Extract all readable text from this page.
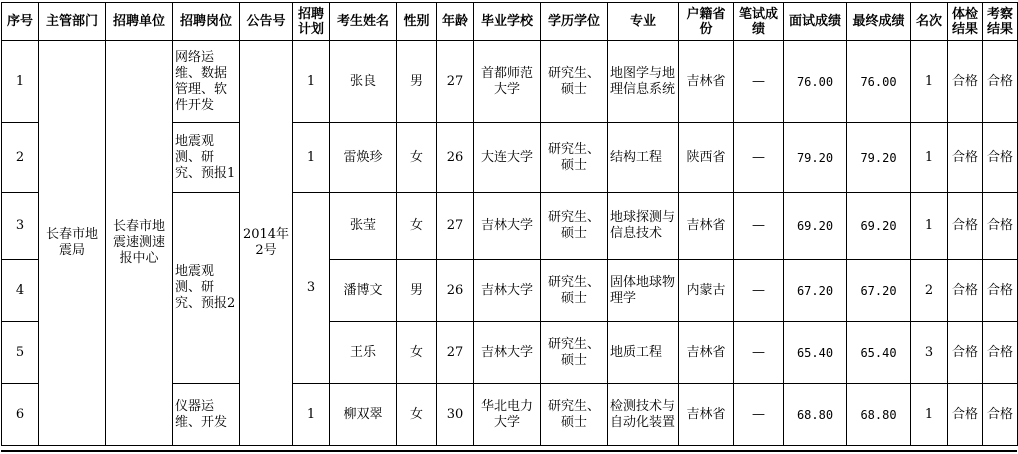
序号	主管部门	招聘单位	招聘岗位	公告号	招聘计划	考生姓名	性别	年龄	毕业学校	学历学位	专业	户籍省份	笔试成绩	面试成绩	最终成绩	名次	体检结果	考察结果
1	长春市地震局	长春市地震速测速报中心	网络运维、数据管理、软件开发	2014年2号	1	张良	男	27	首都师范大学	研究生、硕士	地图学与地理信息系统	吉林省	—	76.00	76.00	1	合格	合格
2			地震观测、研究、预报1		1	雷焕珍	女	26	大连大学	研究生、硕士	结构工程	陕西省	—	79.20	79.20	1	合格	合格
3			地震观测、研究、预报2		3	张莹	女	27	吉林大学	研究生、硕士	地球探测与信息技术	吉林省	—	69.20	69.20	1	合格	合格
4						潘博文	男	26	吉林大学	研究生、硕士	固体地球物理学	内蒙古	—	67.20	67.20	2	合格	合格
5						王乐	女	27	吉林大学	研究生、硕士	地质工程	吉林省	—	65.40	65.40	3	合格	合格
6			仪器运维、开发		1	柳双翠	女	30	华北电力大学	研究生、硕士	检测技术与自动化装置	吉林省	—	68.80	68.80	1	合格	合格
